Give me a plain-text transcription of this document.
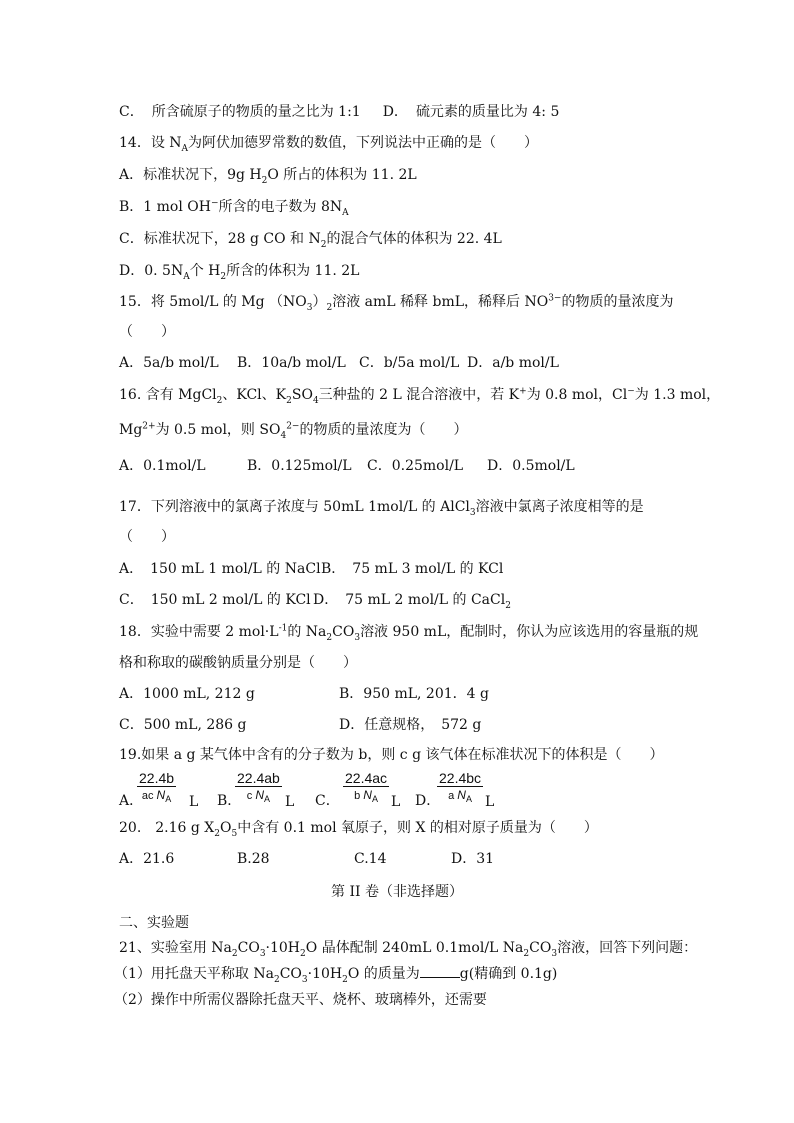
C． 所含硫原子的物质的量之比为 1:1 D． 硫元素的质量比为 4: 5
14．设 $N_A$为阿伏加德罗常数的数值，下列说法中正确的是（　　）
A．标准状况下，9g $H_2O$ 所占的体积为 11. 2L
B．1 mol OH−所含的电子数为 $8N_A$
C．标准状况下，28 g CO 和 $N_2$的混合气体的体积为 22. 4L
D．0. $5N_A$个 $H_2$所含的体积为 11. 2L
15．将 5mol/L 的 Mg $(NO_3)_2$溶液 amL 稀释 bmL，稀释后 $NO^{3-}$的物质的量浓度为
（　　）
A．5a/b mol/L B．10a/b mol/L C．b/5a mol/L D．a/b mol/L
16. 含有 MgCl$_2$、KCl、$K_2SO_4$三种盐的 2 L 混合溶液中，若 K+为 0.8 mol，Cl−为 1.3 mol，
$Mg^{2+}$为 0.5 mol，则 $SO_4^{2-}$的物质的量浓度为（　　）
A．0.1mol/L	B．0.125mol/L C．0.25mol/L D．0.5mol/L
17．下列溶液中的氯离子浓度与 50mL 1mol/L 的 AlCl$_3$溶液中氯离子浓度相等的是
（　　）
A．　150 mL 1 mol/L 的 NaClB．　75 mL 3 mol/L 的 KCl
C．　150 mL 2 mol/L 的 KCl D．　75 mL 2 mol/L 的 CaCl$_2$
18．实验中需要 2 $mol\cdot L^{-1}$的 $Na_2CO_3$溶液 950 mL，配制时，你认为应该选用的容量瓶的规
格和称取的碳酸钠质量分别是（　　）
A．1000 mL, 212 g	B．950 mL, 201．4 g
C．500 mL, 286 g	D．任意规格，　572 g
19.如果 a g 某气体中含有的分子数为 b，则 c g 该气体在标准状况下的体积是（　　）
A．
22.4b
ac $N_A$	L B．
22.4ab
c $N_A$	L C．
22.4ac
b $N_A$ L D．
22.4bc
a $N_A$ L
20.　2.16 g $X_2O_5$中含有 0.1 mol 氧原子，则 X 的相对原子质量为（　　）
A．21.6	B.28	C.14	D．31
第 II 卷（非选择题）
二、实验题
21、实验室用 $Na_2CO_3\cdot 10H_2O$ 晶体配制 240mL 0.1mol/L $Na_2CO_3$溶液，回答下列问题：
（1）用托盘天平称取 $Na_2CO_3\cdot 10H_2O$ 的质量为	g(精确到 0.1g)
（2）操作中所需仪器除托盘天平、烧杯、玻璃棒外，还需要
